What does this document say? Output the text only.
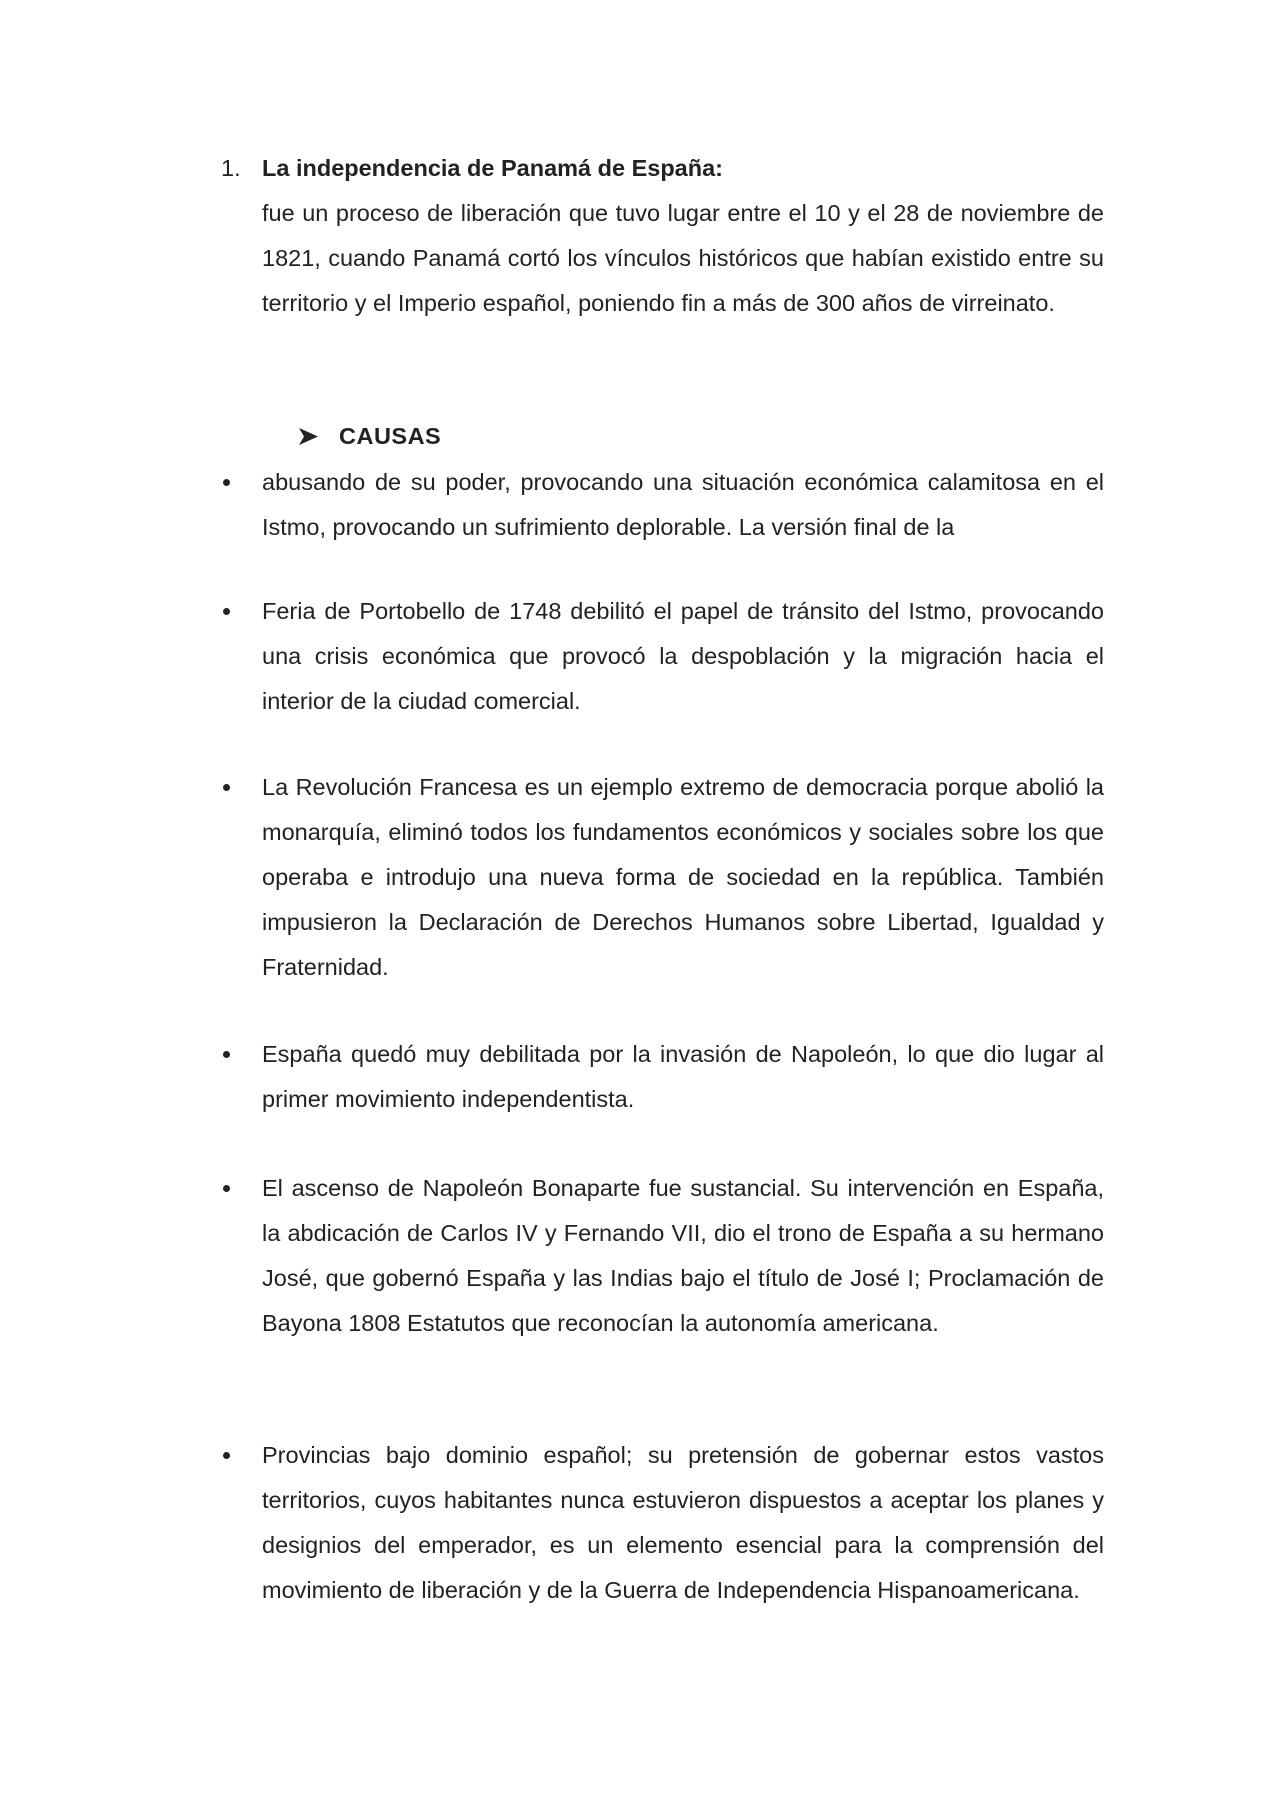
1. La independencia de Panamá de España:
fue un proceso de liberación que tuvo lugar entre el 10 y el 28 de noviembre de 1821, cuando Panamá cortó los vínculos históricos que habían existido entre su territorio y el Imperio español, poniendo fin a más de 300 años de virreinato.
CAUSAS
abusando de su poder, provocando una situación económica calamitosa en el Istmo, provocando un sufrimiento deplorable. La versión final de la
Feria de Portobello de 1748 debilitó el papel de tránsito del Istmo, provocando una crisis económica que provocó la despoblación y la migración hacia el interior de la ciudad comercial.
La Revolución Francesa es un ejemplo extremo de democracia porque abolió la monarquía, eliminó todos los fundamentos económicos y sociales sobre los que operaba e introdujo una nueva forma de sociedad en la república. También impusieron la Declaración de Derechos Humanos sobre Libertad, Igualdad y Fraternidad.
España quedó muy debilitada por la invasión de Napoleón, lo que dio lugar al primer movimiento independentista.
El ascenso de Napoleón Bonaparte fue sustancial. Su intervención en España, la abdicación de Carlos IV y Fernando VII, dio el trono de España a su hermano José, que gobernó España y las Indias bajo el título de José I; Proclamación de Bayona 1808 Estatutos que reconocían la autonomía americana.
Provincias bajo dominio español; su pretensión de gobernar estos vastos territorios, cuyos habitantes nunca estuvieron dispuestos a aceptar los planes y designios del emperador, es un elemento esencial para la comprensión del movimiento de liberación y de la Guerra de Independencia Hispanoamericana.
